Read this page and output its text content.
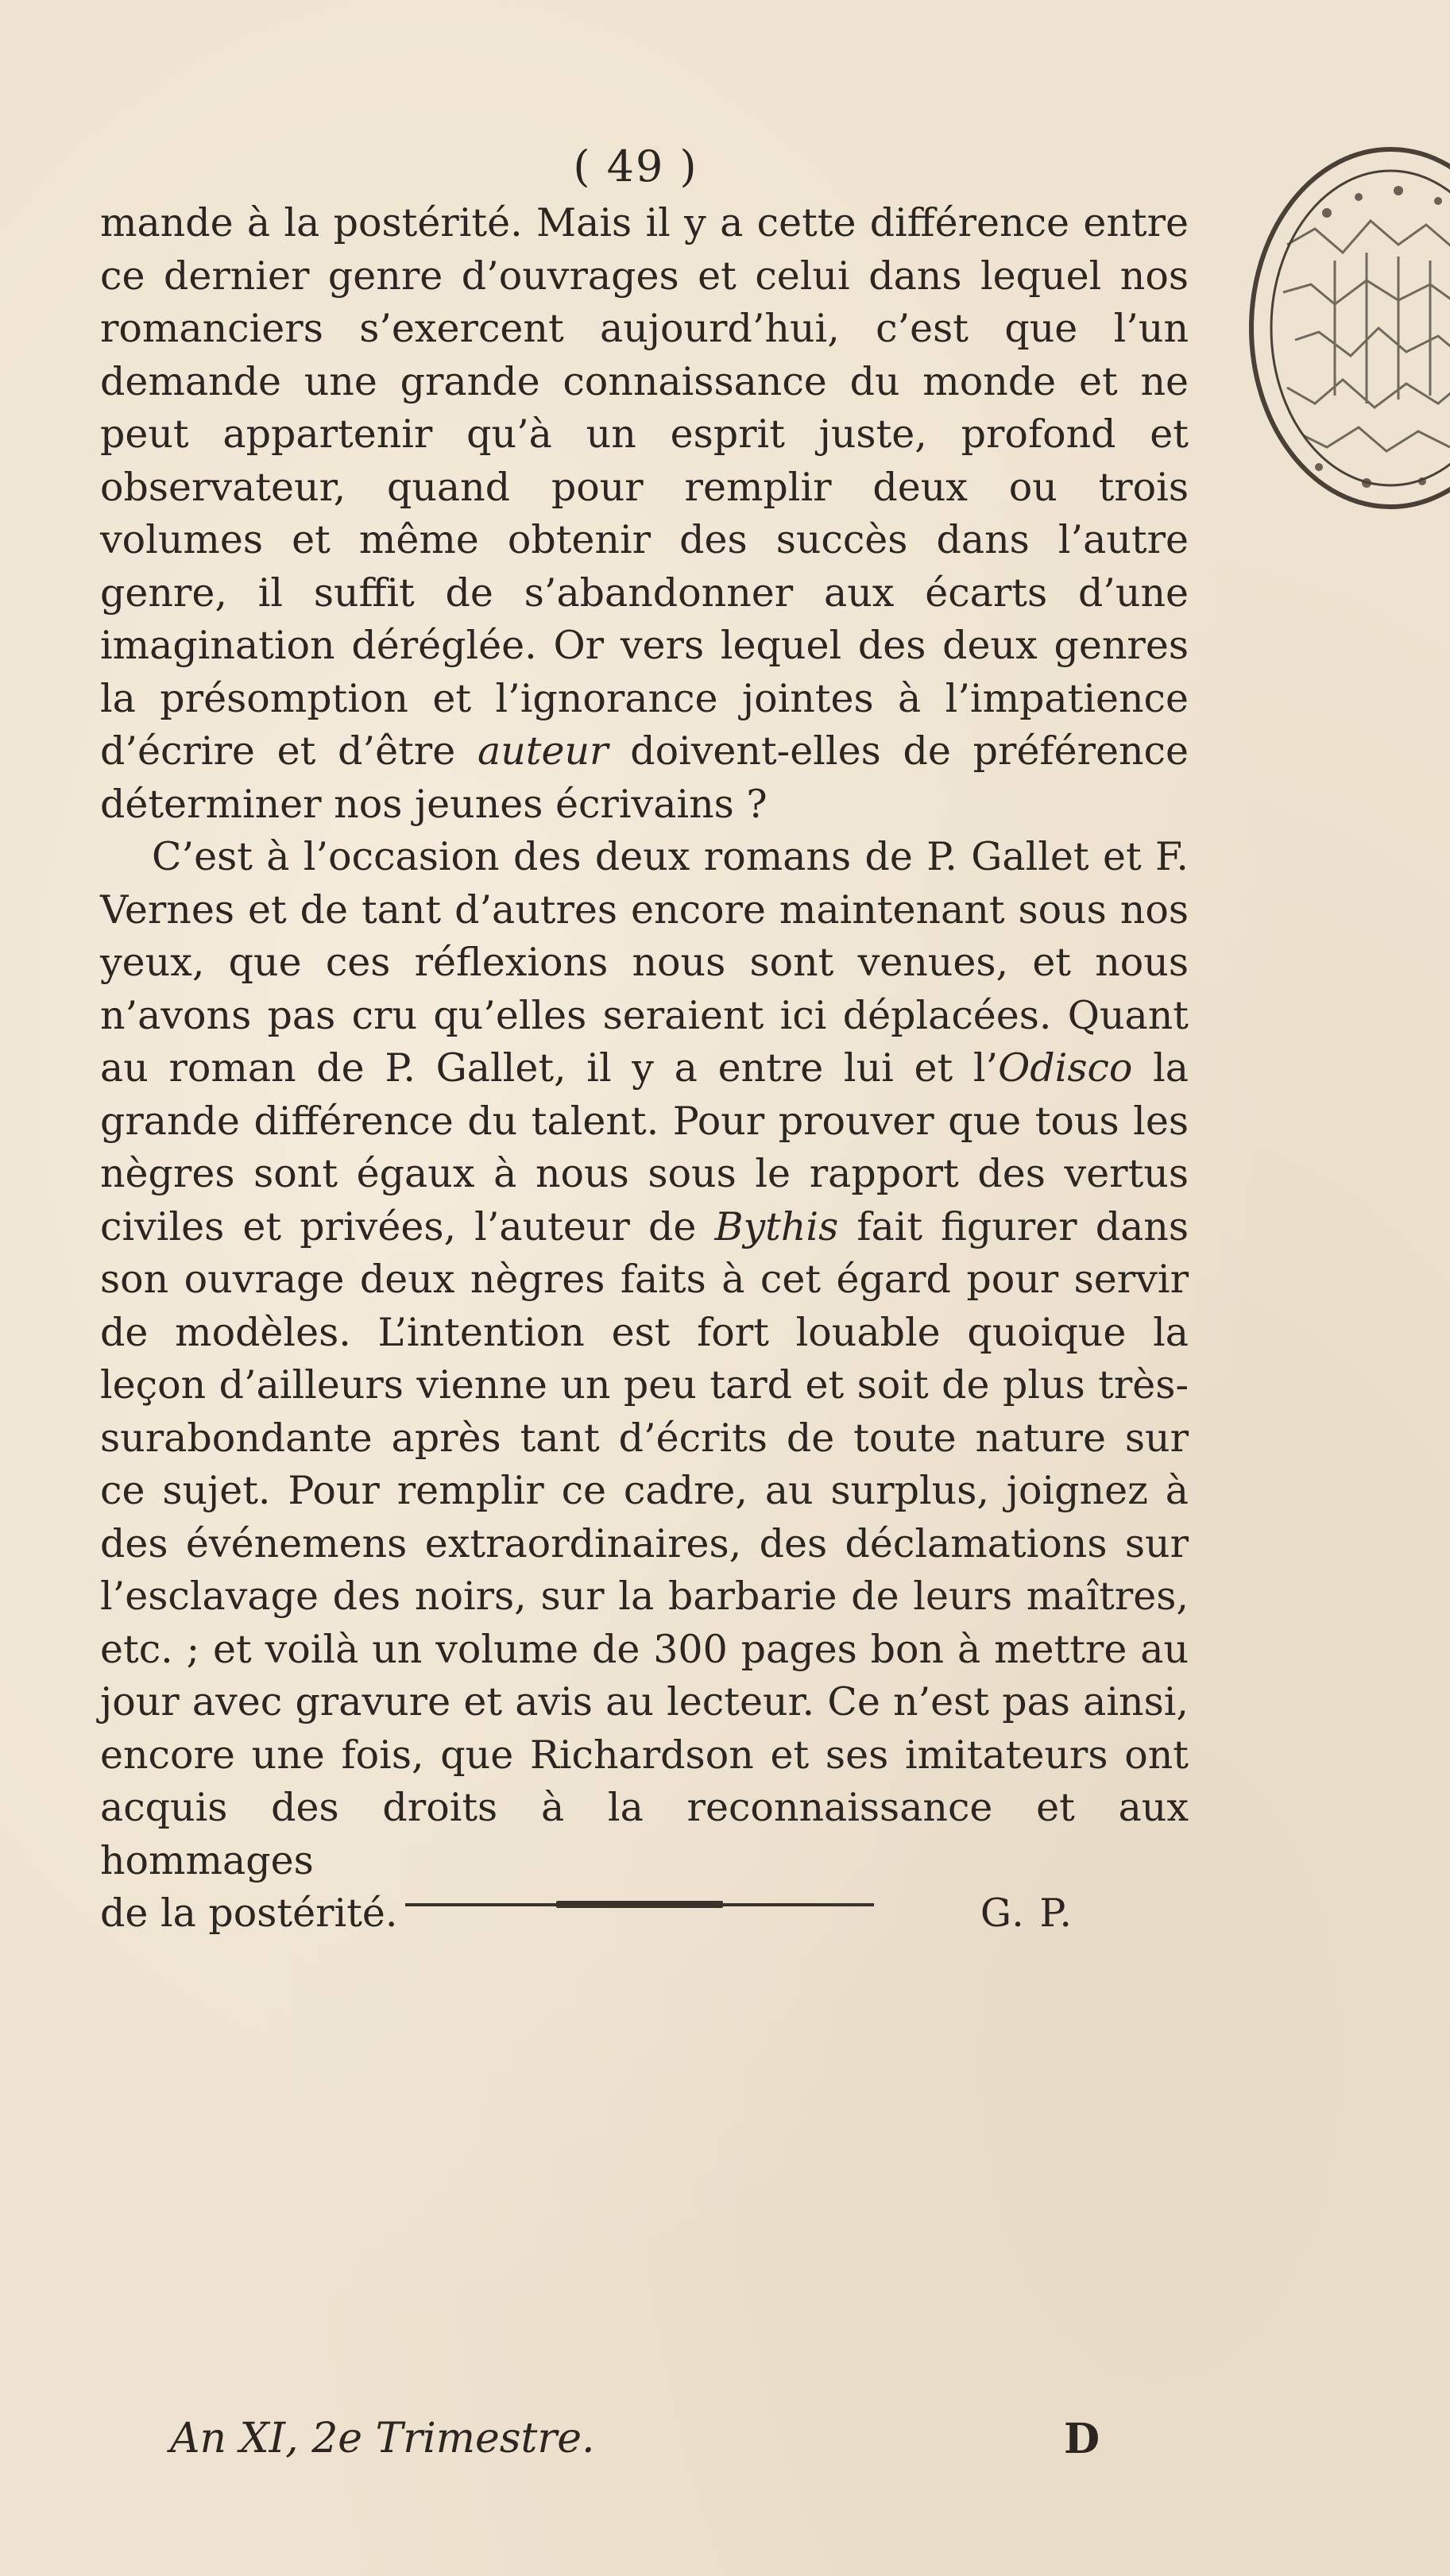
( 49 )

mande à la postérité. Mais il y a cette différence entre ce dernier genre d’ouvrages et celui dans lequel nos romanciers s’exercent aujourd’hui, c’est que l’un demande une grande connaissance du monde et ne peut appartenir qu’à un esprit juste, profond et observateur, quand pour remplir deux ou trois volumes et même obtenir des succès dans l’autre genre, il suffit de s’abandonner aux écarts d’une imagination déréglée. Or vers lequel des deux genres la présomption et l’ignorance jointes à l’impatience d’écrire et d’être auteur doivent-elles de préférence déterminer nos jeunes écrivains ?

C’est à l’occasion des deux romans de P. Gallet et F. Vernes et de tant d’autres encore maintenant sous nos yeux, que ces réflexions nous sont venues, et nous n’avons pas cru qu’elles seraient ici déplacées. Quant au roman de P. Gallet, il y a entre lui et l’Odisco la grande différence du talent. Pour prouver que tous les nègres sont égaux à nous sous le rapport des vertus civiles et privées, l’auteur de Bythis fait figurer dans son ouvrage deux nègres faits à cet égard pour servir de modèles. L’intention est fort louable quoique la leçon d’ailleurs vienne un peu tard et soit de plus très-surabondante après tant d’écrits de toute nature sur ce sujet. Pour remplir ce cadre, au surplus, joignez à des événemens extraordinaires, des déclamations sur l’esclavage des noirs, sur la barbarie de leurs maîtres, etc. ; et voilà un volume de 300 pages bon à mettre au jour avec gravure et avis au lecteur. Ce n’est pas ainsi, encore une fois, que Richardson et ses imitateurs ont acquis des droits à la reconnaissance et aux hommages

de la postérité.	G. P.
An XI, 2e Trimestre.	D
